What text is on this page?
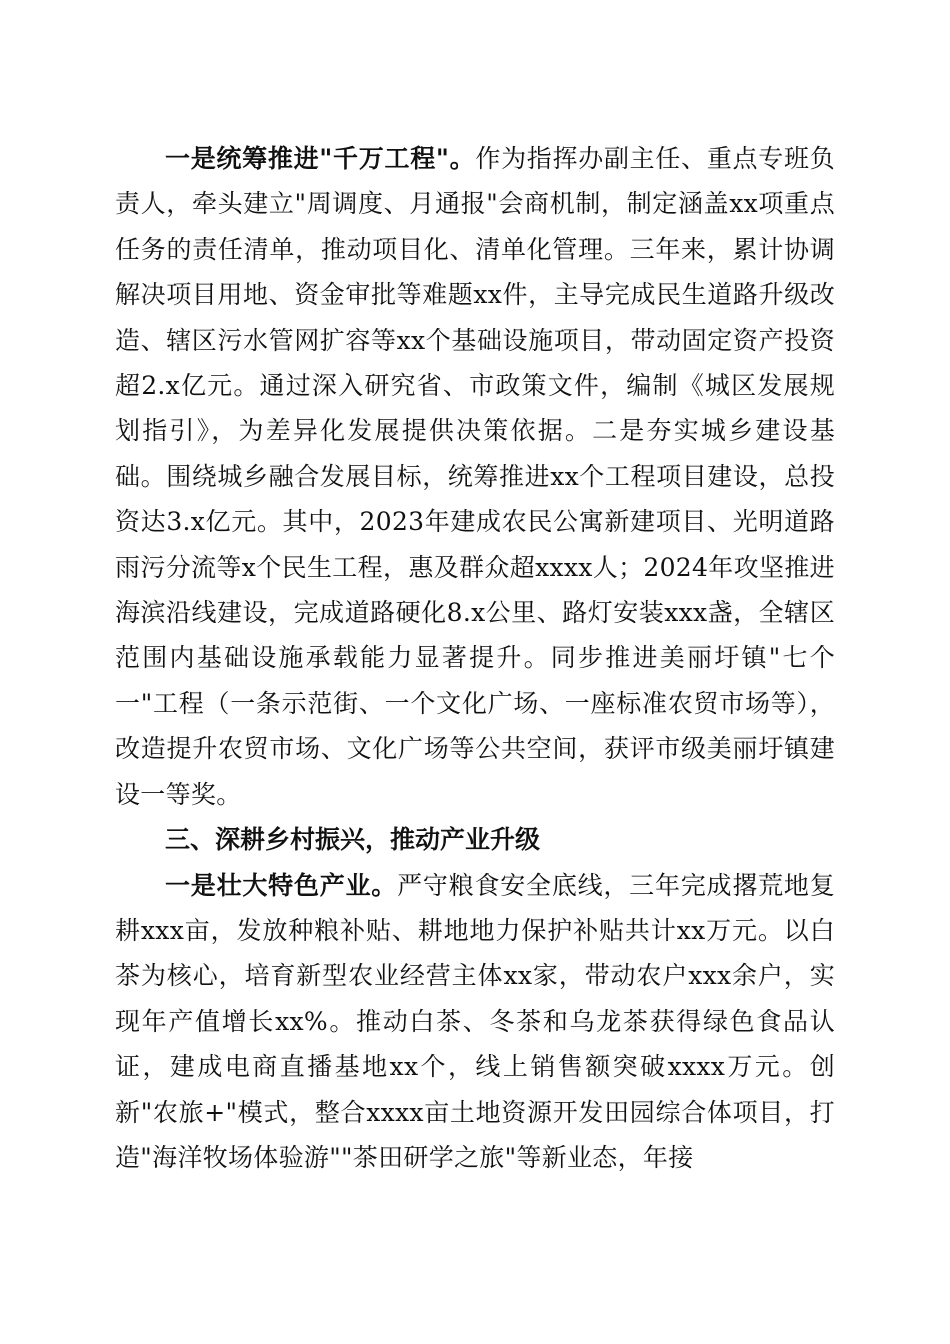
一是统筹推进"千万工程"。作为指挥办副主任、重点专班负责人，牵头建立"周调度、月通报"会商机制，制定涵盖xx项重点任务的责任清单，推动项目化、清单化管理。三年来，累计协调解决项目用地、资金审批等难题xx件，主导完成民生道路升级改造、辖区污水管网扩容等xx个基础设施项目，带动固定资产投资超2.x亿元。通过深入研究省、市政策文件，编制《城区发展规划指引》，为差异化发展提供决策依据。二是夯实城乡建设基础。围绕城乡融合发展目标，统筹推进xx个工程项目建设，总投资达3.x亿元。其中，2023年建成农民公寓新建项目、光明道路雨污分流等x个民生工程，惠及群众超xxxx人；2024年攻坚推进海滨沿线建设，完成道路硬化8.x公里、路灯安装xxx盏，全辖区范围内基础设施承载能力显著提升。同步推进美丽圩镇"七个一"工程（一条示范街、一个文化广场、一座标准农贸市场等），改造提升农贸市场、文化广场等公共空间，获评市级美丽圩镇建设一等奖。

三、深耕乡村振兴，推动产业升级

一是壮大特色产业。严守粮食安全底线，三年完成撂荒地复耕xxx亩，发放种粮补贴、耕地地力保护补贴共计xx万元。以白茶为核心，培育新型农业经营主体xx家，带动农户xxx余户，实现年产值增长xx%。推动白茶、冬茶和乌龙茶获得绿色食品认证，建成电商直播基地xx个，线上销售额突破xxxx万元。创新"农旅+"模式，整合xxxx亩土地资源开发田园综合体项目，打造"海洋牧场体验游""茶田研学之旅"等新业态，年接
